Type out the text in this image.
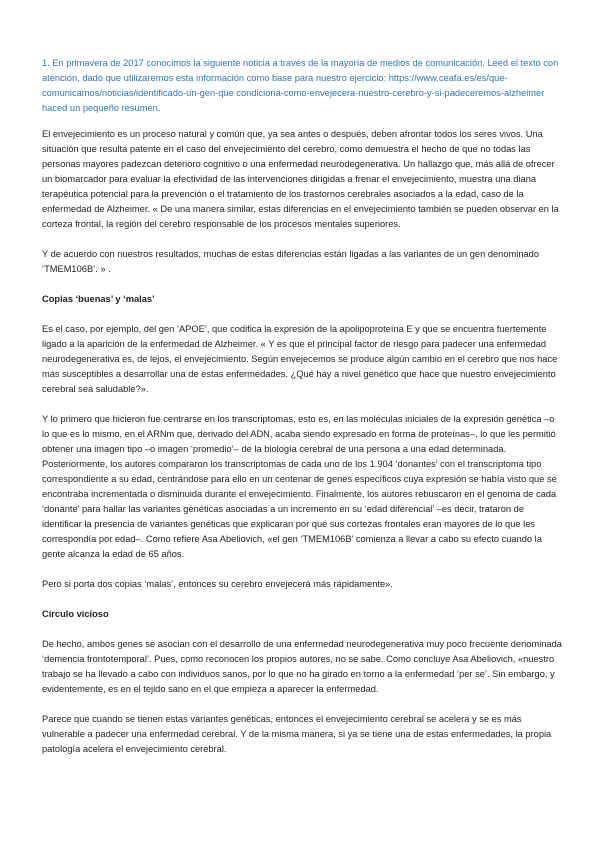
1. En primavera de 2017 conocimos la siguiente noticia a través de la mayoría de medios de comunicación. Leed el texto con atención, dado que utilizaremos esta información como base para nuestro ejercicio: https://www.ceafa.es/es/que-comunicamos/noticias/identificado-un-gen-que condiciona-como-envejecera-nuestro-cerebro-y-si-padeceremos-alzheimer haced un pequeño resumen.

El envejecimiento es un proceso natural y común que, ya sea antes o después, deben afrontar todos los seres vivos. Una situación que resulta patente en el caso del envejecimiento del cerebro, como demuestra el hecho de que no todas las personas mayores padezcan deterioro cognitivo o una enfermedad neurodegenerativa. Un hallazgo que, más allá de ofrecer un biomarcador para evaluar la efectividad de las intervenciones dirigidas a frenar el envejecimiento, muestra una diana terapéutica potencial para la prevención o el tratamiento de los trastornos cerebrales asociados a la edad, caso de la enfermedad de Alzheimer. « De una manera similar, estas diferencias en el envejecimiento también se pueden observar en la corteza frontal, la región del cerebro responsable de los procesos mentales superiores.

Y de acuerdo con nuestros resultados, muchas de estas diferencias están ligadas a las variantes de un gen denominado ‘TMEM106B’. » .

Copias ‘buenas’ y ‘malas’

Es el caso, por ejemplo, del gen ‘APOE’, que codifica la expresión de la apolipoproteína E y que se encuentra fuertemente ligado a la aparición de la enfermedad de Alzheimer. « Y es que el principal factor de riesgo para padecer una enfermedad neurodegenerativa es, de lejos, el envejecimiento. Según envejecemos se produce algún cambio en el cerebro que nos hace más susceptibles a desarrollar una de estas enfermedades. ¿Qué hay a nivel genético que hace que nuestro envejecimiento cerebral sea saludable?».

Y lo primero que hicieron fue centrarse en los transcriptomas, esto es, en las moléculas iniciales de la expresión genética –o lo que es lo mismo, en el ARNm que, derivado del ADN, acaba siendo expresado en forma de proteínas–, lo que les permitió obtener una imagen tipo –o imagen ‘promedio’– de la biología cerebral de una persona a una edad determinada. Posteriormente, los autores compararon los transcriptomas de cada uno de los 1.904 ‘donantes’ con el transcriptoma tipo correspondiente a su edad, centrándose para ello en un centenar de genes específicos cuya expresión se había visto que se encontraba incrementada o disminuida durante el envejecimiento. Finalmente, los autores rebuscaron en el genoma de cada ‘donante’ para hallar las variantes genéticas asociadas a un incremento en su ‘edad diferencial’ –es decir, trataron de identificar la presencia de variantes genéticas que explicaran por qué sus cortezas frontales eran mayores de lo que les correspondía por edad–. Como refiere Asa Abeliovich, «el gen ‘TMEM106B’ comienza a llevar a cabo su efecto cuando la gente alcanza la edad de 65 años.

Pero si porta dos copias ‘malas’, entonces su cerebro envejecerá más rápidamente».

Círculo vicioso

De hecho, ambos genes se asocian con el desarrollo de una enfermedad neurodegenerativa muy poco frecuente denominada ‘demencia frontotemporal’. Pues, como reconocen los propios autores, no se sabe. Como concluye Asa Abeliovich, «nuestro trabajo se ha llevado a cabo con individuos sanos, por lo que no ha girado en torno a la enfermedad ‘per se’. Sin embargo, y evidentemente, es en el tejido sano en el que empieza a aparecer la enfermedad.

Parece que cuando se tienen estas variantes genéticas, entonces el envejecimiento cerebral se acelera y se es más vulnerable a padecer una enfermedad cerebral. Y de la misma manera, si ya se tiene una de estas enfermedades, la propia patología acelera el envejecimiento cerebral.
